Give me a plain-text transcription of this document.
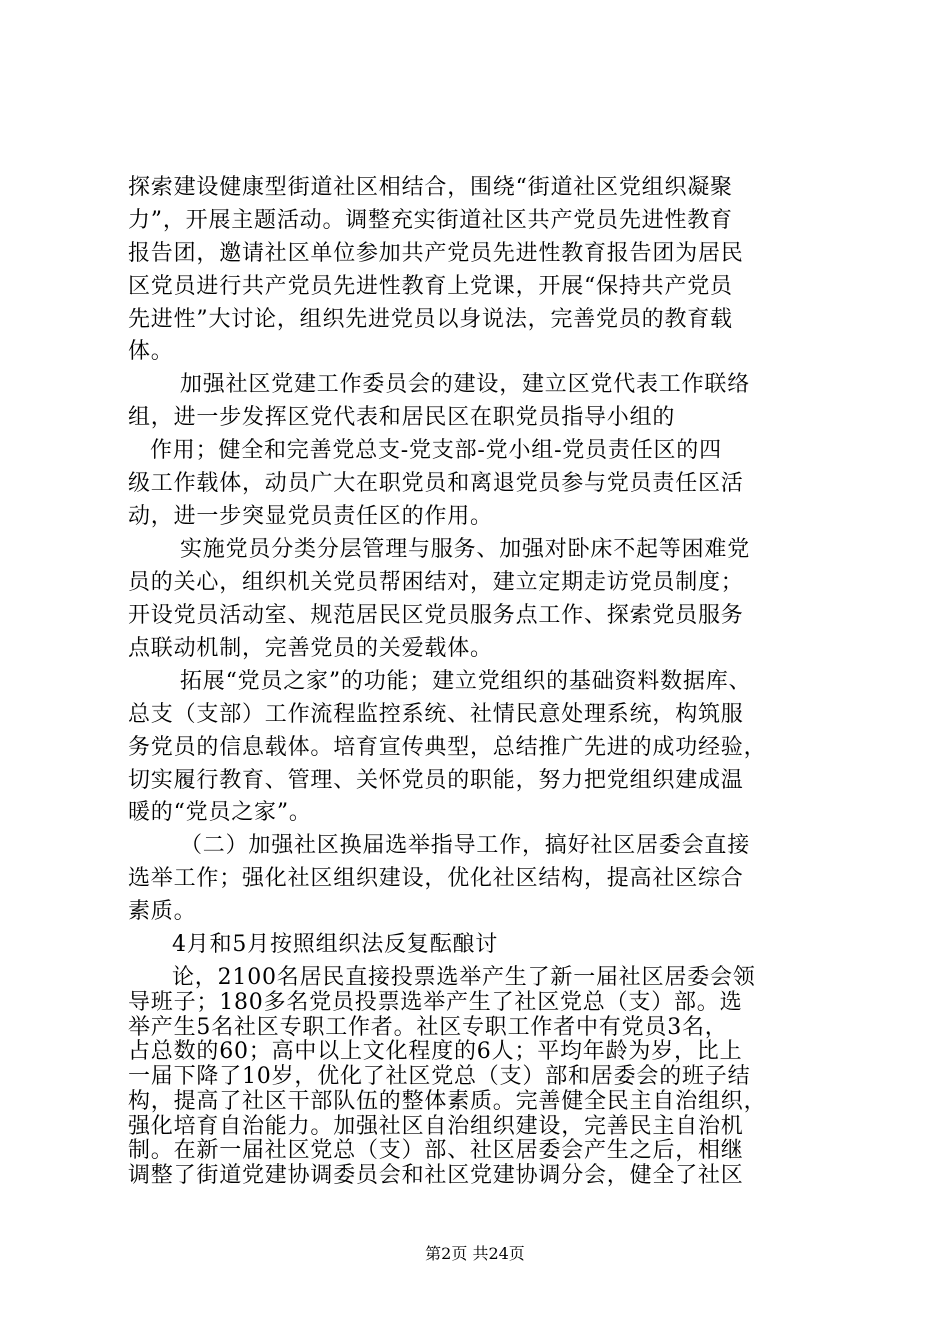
探索建设健康型街道社区相结合，围绕“街道社区党组织凝聚
力”，开展主题活动。调整充实街道社区共产党员先进性教育
报告团，邀请社区单位参加共产党员先进性教育报告团为居民
区党员进行共产党员先进性教育上党课，开展“保持共产党员
先进性”大讨论，组织先进党员以身说法，完善党员的教育载
体。
加强社区党建工作委员会的建设，建立区党代表工作联络
组，进一步发挥区党代表和居民区在职党员指导小组的
作用；健全和完善党总支-党支部-党小组-党员责任区的四
级工作载体，动员广大在职党员和离退党员参与党员责任区活
动，进一步突显党员责任区的作用。
实施党员分类分层管理与服务、加强对卧床不起等困难党
员的关心，组织机关党员帮困结对，建立定期走访党员制度；
开设党员活动室、规范居民区党员服务点工作、探索党员服务
点联动机制，完善党员的关爱载体。
拓展“党员之家”的功能；建立党组织的基础资料数据库、
总支（支部）工作流程监控系统、社情民意处理系统，构筑服
务党员的信息载体。培育宣传典型，总结推广先进的成功经验，
切实履行教育、管理、关怀党员的职能，努力把党组织建成温
暖的“党员之家”。
（二）加强社区换届选举指导工作，搞好社区居委会直接
选举工作；强化社区组织建设，优化社区结构，提高社区综合
素质。
4月和5月按照组织法反复酝酿讨
论，2100名居民直接投票选举产生了新一届社区居委会领
导班子；180多名党员投票选举产生了社区党总（支）部。选
举产生5名社区专职工作者。社区专职工作者中有党员3名，
占总数的60；高中以上文化程度的6人；平均年龄为岁，比上
一届下降了10岁，优化了社区党总（支）部和居委会的班子结
构，提高了社区干部队伍的整体素质。完善健全民主自治组织，
强化培育自治能力。加强社区自治组织建设，完善民主自治机
制。在新一届社区党总（支）部、社区居委会产生之后，相继
调整了街道党建协调委员会和社区党建协调分会，健全了社区
第2页 共24页
